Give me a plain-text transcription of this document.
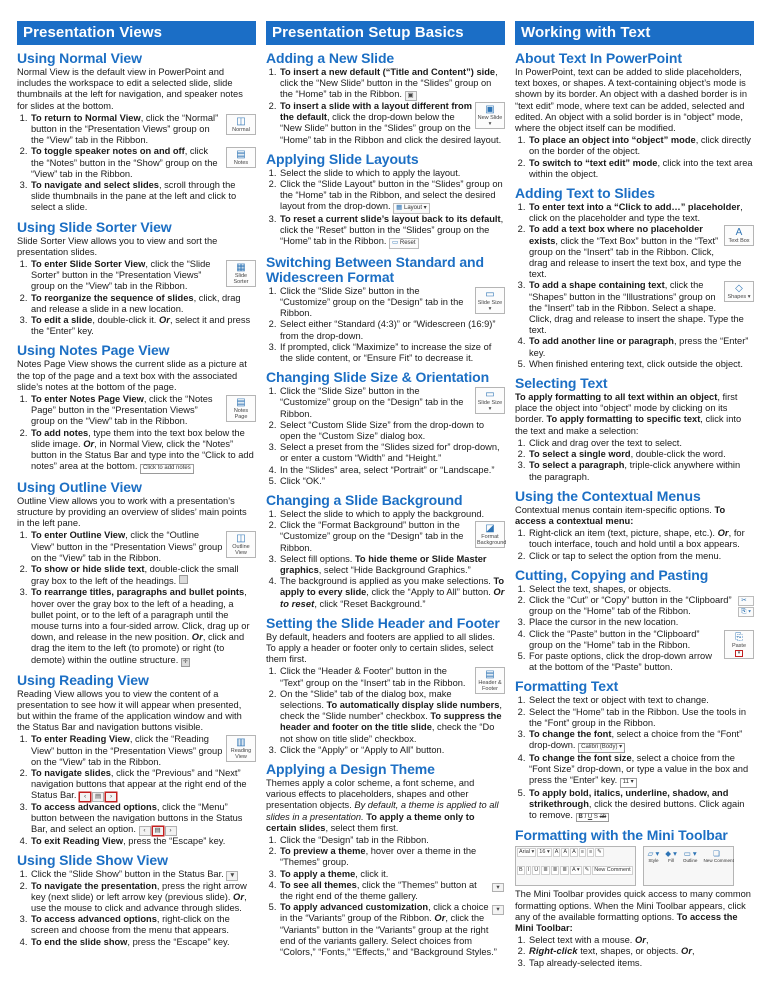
Presentation Views
Using Normal View
Normal View is the default view in PowerPoint and includes the workspace to edit a selected slide, slide thumbnails at the left for navigation, and speaker notes for slides at the bottom.
1. ◫
Normal
To return to Normal View, click the “Normal” button in the “Presentation Views” group on the “View” tab in the Ribbon.
2. ▤
Notes
To toggle speaker notes on and off, click the “Notes” button in the “Show” group on the “View” tab in the Ribbon.
3. To navigate and select slides, scroll through the slide thumbnails in the pane at the left and click to select a slide.
Using Slide Sorter View
Slide Sorter View allows you to view and sort the presentation slides.
1. ▦
Slide Sorter
To enter Slide Sorter View, click the “Slide Sorter” button in the “Presentation Views” group on the “View” tab in the Ribbon.
2. To reorganize the sequence of slides, click, drag and release a slide in a new location.
3. To edit a slide, double-click it. Or, select it and press the “Enter” key.
Using Notes Page View
Notes Page View shows the current slide as a picture at the top of the page and a text box with the associated slide’s notes at the bottom of the page.
1. ▤
Notes Page
To enter Notes Page View, click the “Notes Page” button in the “Presentation Views” group on the “View” tab in the Ribbon.
2. To add notes, type them into the text box below the slide image. Or, in Normal View, click the “Notes” button in the Status Bar and type into the “Click to add notes” area at the bottom. Click to add notes
Using Outline View
Outline View allows you to work with a presentation’s structure by providing an overview of slides’ main points in the left pane.
1. ◫
Outline View
To enter Outline View, click the “Outline View” button in the “Presentation Views” group on the “View” tab in the Ribbon.
2. To show or hide slide text, double-click the small gray box to the left of the headings.
3. To rearrange titles, paragraphs and bullet points, hover over the gray box to the left of a heading, a bullet point, or to the left of a paragraph until the mouse turns into a four-sided arrow. Click, drag up or down, and release in the new position. Or, click and drag the item to the left (to promote) or right (to demote) within the outline structure. ✛
Using Reading View
Reading View allows you to view the content of a presentation to see how it will appear when presented, but within the frame of the application window and with the Status Bar and navigation buttons visible.
1. ▥
Reading View
To enter Reading View, click the “Reading View” button in the “Presentation Views” group on the “View” tab in the Ribbon.
2. To navigate slides, click the “Previous” and “Next” navigation buttons that appear at the right end of the Status Bar. ‹ ▤ ›
3. To access advanced options, click the “Menu” button between the navigation buttons in the Status Bar, and select an option. ‹ ▤ ›
4. To exit Reading View, press the “Escape” key.
Using Slide Show View
1. Click the “Slide Show” button in the Status Bar. ▼
2. To navigate the presentation, press the right arrow key (next slide) or left arrow key (previous slide). Or, use the mouse to click and advance through slides.
3. To access advanced options, right-click on the screen and choose from the menu that appears.
4. To end the slide show, press the “Escape” key.
Presentation Setup Basics
Adding a New Slide
1. To insert a new default (“Title and Content”) side, click the “New Slide” button in the “Slides” group on the “Home” tab in the Ribbon. ▣
2. ▣
New Slide ▾
To insert a slide with a layout different from the default, click the drop-down below the “New Slide” button in the “Slides” group on the “Home” tab in the Ribbon and click the desired layout.
Applying Slide Layouts
1. Select the slide to which to apply the layout.
2. Click the “Slide Layout” button in the “Slides” group on the “Home” tab in the Ribbon, and select the desired layout from the drop-down. ▦ Layout ▾
3. To reset a current slide’s layout back to its default, click the “Reset” button in the “Slides” group on the “Home” tab in the Ribbon. ▭ Reset
Switching Between Standard and Widescreen Format
1. ▭
Slide Size ▾
Click the “Slide Size” button in the “Customize” group on the “Design” tab in the Ribbon.
2. Select either “Standard (4:3)” or “Widescreen (16:9)” from the drop-down.
3. If prompted, click “Maximize” to increase the size of the slide content, or “Ensure Fit” to decrease it.
Changing Slide Size & Orientation
1. ▭
Slide Size ▾
Click the “Slide Size” button in the “Customize” group on the “Design” tab in the Ribbon.
2. Select “Custom Slide Size” from the drop-down to open the “Custom Size” dialog box.
3. Select a preset from the “Slides sized for” drop-down, or enter a custom “Width” and “Height.”
4. In the “Slides” area, select “Portrait” or “Landscape.”
5. Click “OK.”
Changing a Slide Background
1. Select the slide to which to apply the background.
2. ◪
Format Background
Click the “Format Background” button in the “Customize” group on the “Design” tab in the Ribbon.
3. Select fill options. To hide theme or Slide Master graphics, select “Hide Background Graphics.”
4. The background is applied as you make selections. To apply to every slide, click the “Apply to All” button. Or to reset, click “Reset Background.”
Setting the Slide Header and Footer
By default, headers and footers are applied to all slides. To apply a header or footer only to certain slides, select them first.
1. ▤
Header & Footer
Click the “Header & Footer” button in the “Text” group on the “Insert” tab in the Ribbon.
2. On the “Slide” tab of the dialog box, make selections. To automatically display slide numbers, check the “Slide number” checkbox. To suppress the header and footer on the title slide, check the “Do not show on title slide” checkbox.
3. Click the “Apply” or “Apply to All” button.
Applying a Design Theme
Themes apply a color scheme, a font scheme, and various effects to placeholders, shapes and other presentation objects. By default, a theme is applied to all slides in a presentation. To apply a theme only to certain slides, select them first.
1. Click the “Design” tab in the Ribbon.
2. To preview a theme, hover over a theme in the “Themes” group.
3. To apply a theme, click it.
4. ▾
To see all themes, click the “Themes” button at the right end of the theme gallery.
5. ▾
To apply advanced customization, click a choice in the “Variants” group of the Ribbon. Or, click the “Variants” button in the “Variants” group at the right end of the variants gallery. Select choices from “Colors,” “Fonts,” “Effects,” and “Background Styles.”
Working with Text
About Text In PowerPoint
In PowerPoint, text can be added to slide placeholders, text boxes, or shapes. A text-containing object’s mode is shown by its border. An object with a dashed border is in “text edit” mode, where text can be added, selected and edited. An object with a solid border is in “object” mode, where the object itself can be modified.
1. To place an object into “object” mode, click directly on the border of the object.
2. To switch to “text edit” mode, click into the text area within the object.
Adding Text to Slides
1. To enter text into a “Click to add…” placeholder, click on the placeholder and type the text.
2. A
Text Box
To add a text box where no placeholder exists, click the “Text Box” button in the “Text” group on the “Insert” tab in the Ribbon. Click, drag and release to insert the text box, and type the text.
3. ◇
Shapes ▾
To add a shape containing text, click the “Shapes” button in the “Illustrations” group on the “Insert” tab in the Ribbon. Select a shape. Click, drag and release to insert the shape. Type the text.
4. To add another line or paragraph, press the “Enter” key.
5. When finished entering text, click outside the object.
Selecting Text
To apply formatting to all text within an object, first place the object into “object” mode by clicking on its border. To apply formatting to specific text, click into the text and make a selection:
1. Click and drag over the text to select.
2. To select a single word, double-click the word.
3. To select a paragraph, triple-click anywhere within the paragraph.
Using the Contextual Menus
Contextual menus contain item-specific options. To access a contextual menu:
1. Right-click an item (text, picture, shape, etc.). Or, for touch interface, touch and hold until a box appears.
2. Click or tap to select the option from the menu.
Cutting, Copying and Pasting
1. Select the text, shapes, or objects.
2. ✂
⎘ ▾
Click the “Cut” or “Copy” button in the “Clipboard” group on the “Home” tab of the Ribbon.
3. Place the cursor in the new location.
4. ⎘
Paste
▾
Click the “Paste” button in the “Clipboard” group on the “Home” tab in the Ribbon.
5. For paste options, click the drop-down arrow at the bottom of the “Paste” button.
Formatting Text
1. Select the text or object with text to change.
2. Select the “Home” tab in the Ribbon. Use the tools in the “Font” group in the Ribbon.
3. To change the font, select a choice from the “Font” drop-down. Calibri (Body) ▾
4. To change the font size, select a choice from the “Font Size” drop-down, or type a value in the box and press the “Enter” key. 11 ▾
5. To apply bold, italics, underline, shadow, and strikethrough, click the desired buttons. Click again to remove. B I U S ab
Formatting with the Mini Toolbar
Arial ▾ 16 ▾ A A A ≡ ≡ ✎
B I U ≣ ≣ ≣ A ▾ ✎ New Comment
▱ ▾
Style
◆ ▾
Fill
▭ ▾
Outline
❏
New Comment
The Mini Toolbar provides quick access to many common formatting options. When the Mini Toolbar appears, click any of the available formatting options. To access the Mini Toolbar:
1. Select text with a mouse. Or,
2. Right-click text, shapes, or objects. Or,
3. Tap already-selected items.
